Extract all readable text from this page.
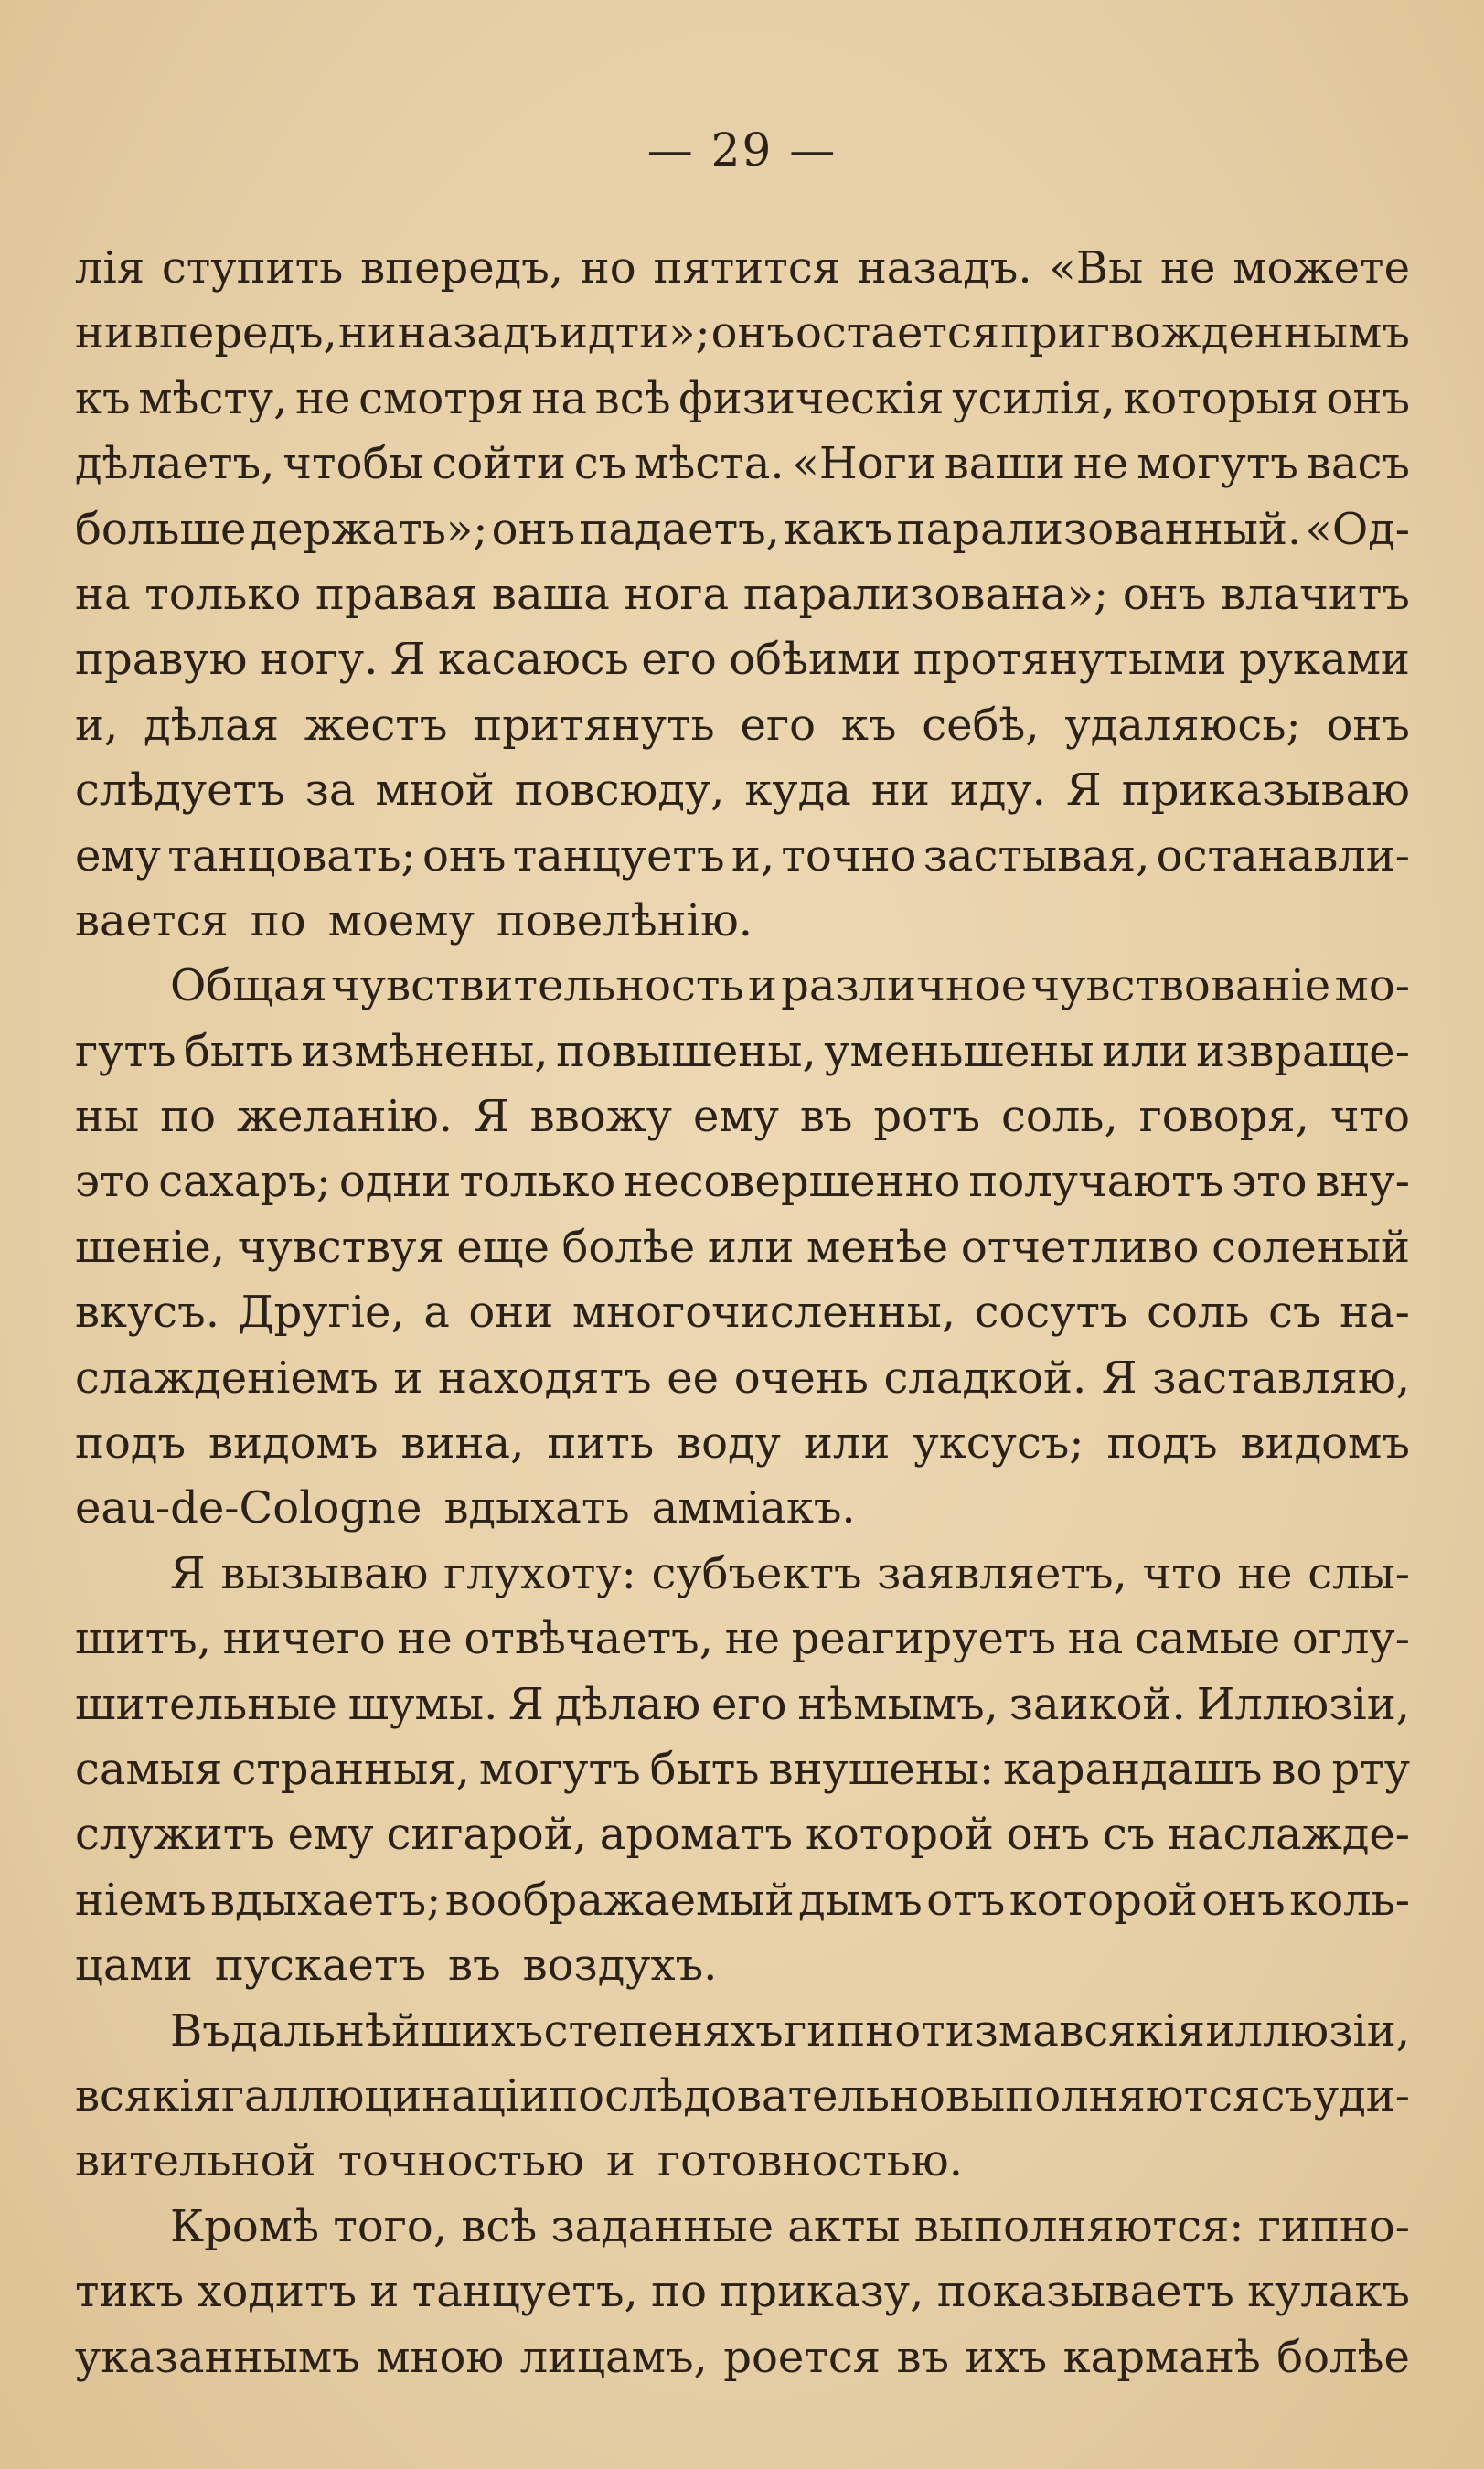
— 29 —
лія ступить впередъ, но пятится назадъ. «Вы не можете
ни впередъ, ни назадъ идти»; онъ остается пригвожденнымъ
къ мѣсту, не смотря на всѣ физическія усилія, которыя онъ
дѣлаетъ, чтобы сойти съ мѣста. «Ноги ваши не могутъ васъ
больше держать»; онъ падаетъ, какъ парализованный. «Од-
на только правая ваша нога парализована»; онъ влачитъ
правую ногу. Я касаюсь его обѣими протянутыми руками
и, дѣлая жестъ притянуть его къ себѣ, удаляюсь; онъ
слѣдуетъ за мной повсюду, куда ни иду. Я приказываю
ему танцовать; онъ танцуетъ и, точно застывая, останавли-
вается по моему повелѣнію.
Общая чувствительность и различное чувствованіе мо-
гутъ быть измѣнены, повышены, уменьшены или извраще-
ны по желанію. Я ввожу ему въ ротъ соль, говоря, что
это сахаръ; одни только несовершенно получаютъ это вну-
шеніе, чувствуя еще болѣе или менѣе отчетливо соленый
вкусъ. Другіе, а они многочисленны, сосутъ соль съ на-
слажденіемъ и находятъ ее очень сладкой. Я заставляю,
подъ видомъ вина, пить воду или уксусъ; подъ видомъ
eau-de-Cologne вдыхать аммiакъ.
Я вызываю глухоту: субъектъ заявляетъ, что не слы-
шитъ, ничего не отвѣчаетъ, не реагируетъ на самые оглу-
шительные шумы. Я дѣлаю его нѣмымъ, заикой. Иллюзіи,
самыя странныя, могутъ быть внушены: карандашъ во рту
служитъ ему сигарой, ароматъ которой онъ съ наслажде-
ніемъ вдыхаетъ; воображаемый дымъ отъ которой онъ коль-
цами пускаетъ въ воздухъ.
Въ дальнѣйшихъ степеняхъ гипнотизма всякія иллюзіи,
всякія галлюцинаціи послѣдовательно выполняются съ уди-
вительной точностью и готовностью.
Кромѣ того, всѣ заданные акты выполняются: гипно-
тикъ ходитъ и танцуетъ, по приказу, показываетъ кулакъ
указаннымъ мною лицамъ, роется въ ихъ карманѣ болѣе
